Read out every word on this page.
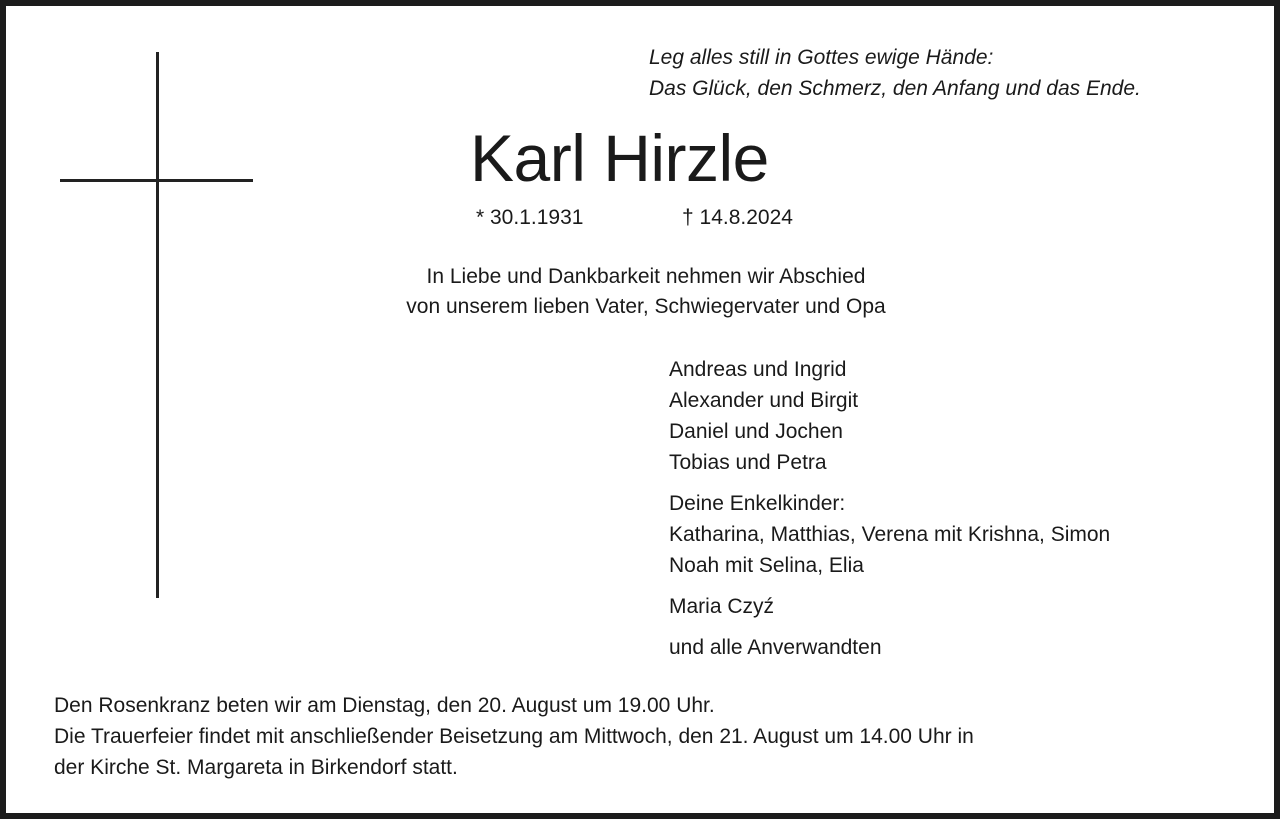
Leg alles still in Gottes ewige Hände:
Das Glück, den Schmerz, den Anfang und das Ende.
Karl Hirzle
* 30.1.1931	† 14.8.2024
In Liebe und Dankbarkeit nehmen wir Abschied
von unserem lieben Vater, Schwiegervater und Opa
Andreas und Ingrid
Alexander und Birgit
Daniel und Jochen
Tobias und Petra
Deine Enkelkinder:
Katharina, Matthias, Verena mit Krishna, Simon
Noah mit Selina, Elia
Maria Czyź
und alle Anverwandten
Den Rosenkranz beten wir am Dienstag, den 20. August um 19.00 Uhr.
Die Trauerfeier findet mit anschließender Beisetzung am Mittwoch, den 21. August um 14.00 Uhr in
der Kirche St. Margareta in Birkendorf statt.
